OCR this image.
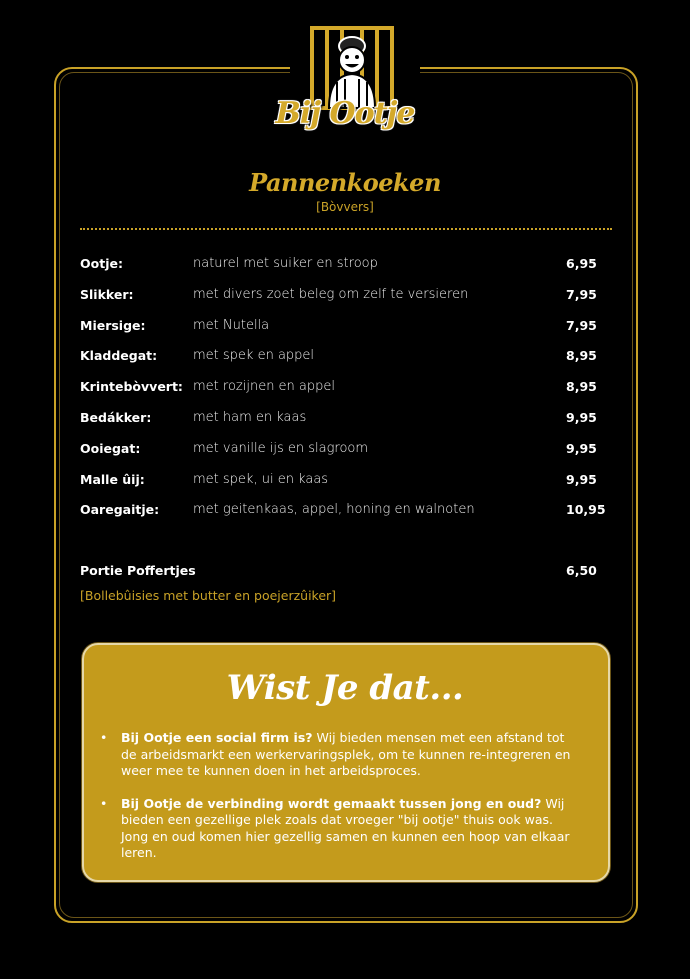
Bij Ootje
Pannenkoeken
[Bòvvers]
Ootje:	naturel met suiker en stroop	6,95
Slikker:	met divers zoet beleg om zelf te versieren	7,95
Miersige:	met Nutella	7,95
Kladdegat:	met spek en appel	8,95
Krintebòvvert: met rozijnen en appel	8,95
Bedákker:	met ham en kaas	9,95
Ooiegat:	met vanille ijs en slagroom	9,95
Malle ûij:	met spek, ui en kaas	9,95
Oaregaitje:	met geitenkaas, appel, honing en walnoten	10,95
Portie Poffertjes	6,50
[Bollebûisies met butter en poejerzûiker]
Wist Je dat...
• Bij Ootje een social firm is? Wij bieden mensen met een afstand tot de arbeidsmarkt een werkervaringsplek, om te kunnen re-integreren en weer mee te kunnen doen in het arbeidsproces.
• Bij Ootje de verbinding wordt gemaakt tussen jong en oud? Wij bieden een gezellige plek zoals dat vroeger "bij ootje" thuis ook was. Jong en oud komen hier gezellig samen en kunnen een hoop van elkaar leren.
